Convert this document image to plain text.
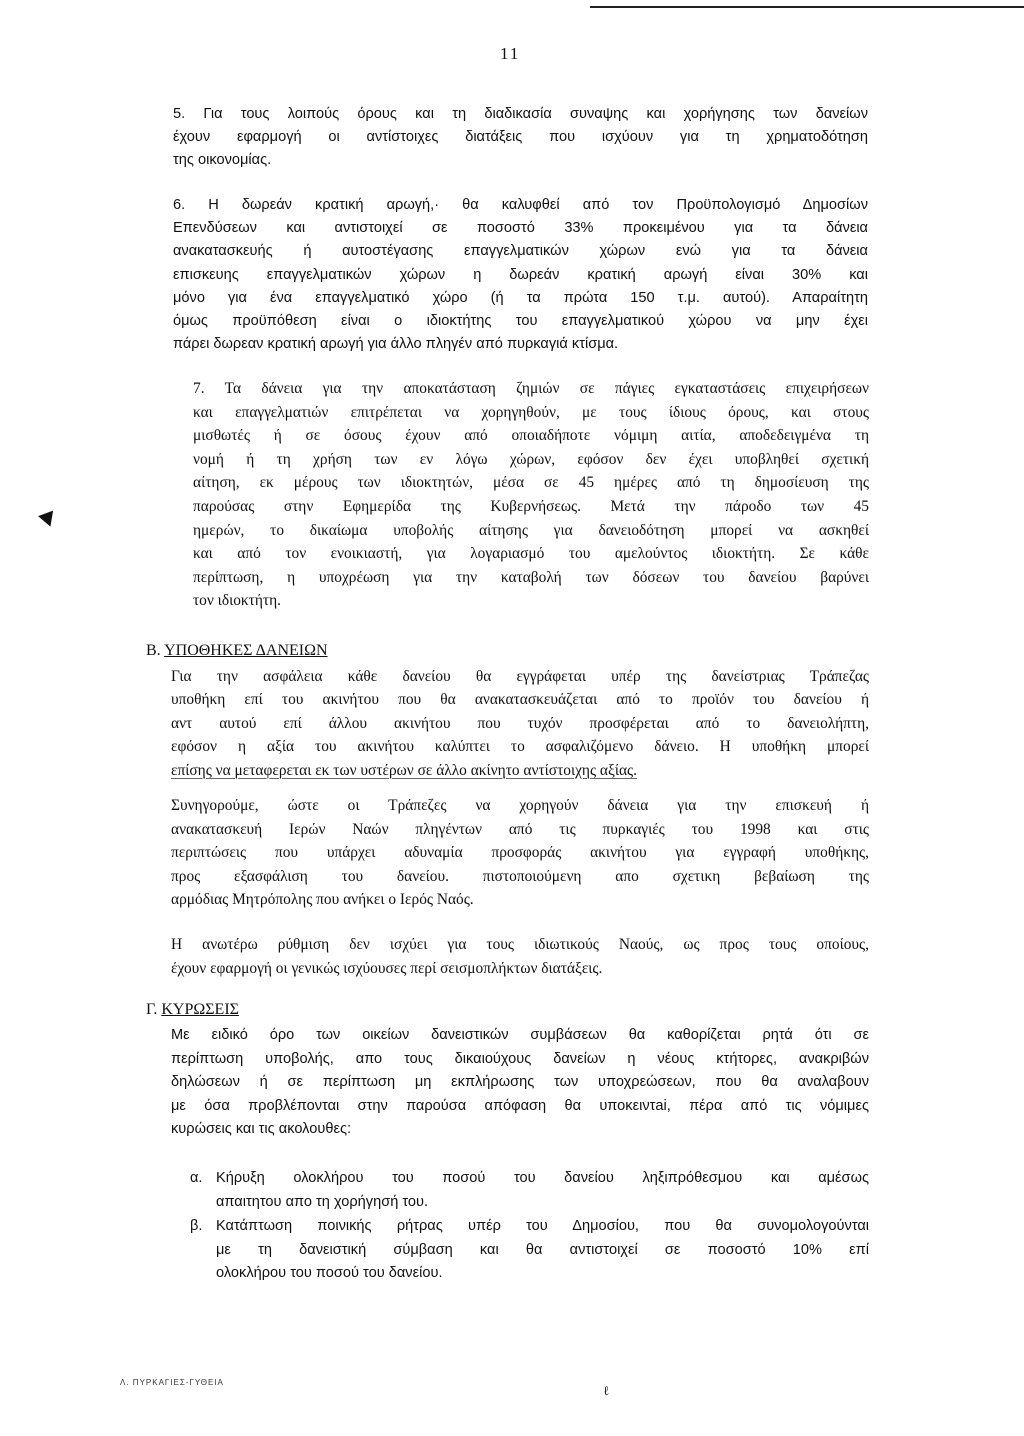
11
5. Για τους λοιπούς όρους και τη διαδικασία συναψης και χορήγησης των δανείων
έχουν εφαρμογή οι αντίστοιχες διατάξεις που ισχύουν για τη χρηματοδότηση
της οικονομίας.
6. Η δωρεάν κρατική αρωγή,· θα καλυφθεί από τον Προϋπολογισμό Δημοσίων
Επενδύσεων και αντιστοιχεί σε ποσοστό 33% προκειμένου για τα δάνεια
ανακατασκευής ή αυτοστέγασης επαγγελματικών χώρων ενώ για τα δάνεια
επισκευης επαγγελματικών χώρων η δωρεάν κρατική αρωγή είναι 30% και
μόνο για ένα επαγγελματικό χώρο (ή τα πρώτα 150 τ.μ. αυτού). Απαραίτητη
όμως προϋπόθεση είναι ο ιδιοκτήτης του επαγγελματικού χώρου να μην έχει
πάρει δωρεαν κρατική αρωγή για άλλο πληγέν από πυρκαγιά κτίσμα.
7. Τα δάνεια για την αποκατάσταση ζημιών σε πάγιες εγκαταστάσεις επιχειρήσεων
και επαγγελματιών επιτρέπεται να χορηγηθούν, με τους ίδιους όρους, και στους
μισθωτές ή σε όσους έχουν από οποιαδήποτε νόμιμη αιτία, αποδεδειγμένα τη
νομή ή τη χρήση των εν λόγω χώρων, εφόσον δεν έχει υποβληθεί σχετική
αίτηση, εκ μέρους των ιδιοκτητών, μέσα σε 45 ημέρες από τη δημοσίευση της
παρούσας στην Εφημερίδα της Κυβερνήσεως. Μετά την πάροδο των 45
ημερών, το δικαίωμα υποβολής αίτησης για δανειοδότηση μπορεί να ασκηθεί
και από τον ενοικιαστή, για λογαριασμό του αμελούντος ιδιοκτήτη. Σε κάθε
περίπτωση, η υποχρέωση για την καταβολή των δόσεων του δανείου βαρύνει
τον ιδιοκτήτη.
Β. ΥΠΟΘΗΚΕΣ ΔΑΝΕΙΩΝ
Για την ασφάλεια κάθε δανείου θα εγγράφεται υπέρ της δανείστριας Τράπεζας
υποθήκη επί του ακινήτου που θα ανακατασκευάζεται από το προϊόν του δανείου ή
αντ αυτού επί άλλου ακινήτου που τυχόν προσφέρεται από το δανειολήπτη,
εφόσον η αξία του ακινήτου καλύπτει το ασφαλιζόμενο δάνειο. Η υποθήκη μπορεί
επίσης να μεταφερεται εκ των υστέρων σε άλλο ακίνητο αντίστοιχης αξίας.
Συνηγορούμε, ώστε οι Τράπεζες να χορηγούν δάνεια για την επισκευή ή
ανακατασκευή Ιερών Ναών πληγέντων από τις πυρκαγιές του 1998 και στις
περιπτώσεις που υπάρχει αδυναμία προσφοράς ακινήτου για εγγραφή υποθήκης,
προς εξασφάλιση του δανείου. πιστοποιούμενη απο σχετικη βεβαίωση της
αρμόδιας Μητρόπολης που ανήκει ο Ιερός Ναός.
Η ανωτέρω ρύθμιση δεν ισχύει για τους ιδιωτικούς Ναούς, ως προς τους οποίους,
έχουν εφαρμογή οι γενικώς ισχύουσες περί σεισμοπλήκτων διατάξεις.
Γ. ΚΥΡΩΣΕΙΣ
Με ειδικό όρο των οικείων δανειστικών συμβάσεων θα καθορίζεται ρητά ότι σε
περίπτωση υποβολής, απο τους δικαιούχους δανείων η νέους κτήτορες, ανακριβών
δηλώσεων ή σε περίπτωση μη εκπλήρωσης των υποχρεώσεων, που θα αναλαβουν
με όσα προβλέπονται στην παρούσα απόφαση θα υποκειντai, πέρα από τις νόμιμες
κυρώσεις και τις ακολουθες:
α. Κήρυξη ολοκλήρου του ποσού του δανείου ληξιπρόθεσμου και αμέσως
απαιτητου απο τη χορήγησή του.
β. Κατάπτωση ποινικής ρήτρας υπέρ του Δημοσίου, που θα συνομολογούνται
με τη δανειστική σύμβαση και θα αντιστοιχεί σε ποσοστό 10% επί
ολοκλήρου του ποσού του δανείου.
Λ. ΠΥΡΚΑΓΙΕΣ-ΓΥΘΕΙΑ
ℓ
